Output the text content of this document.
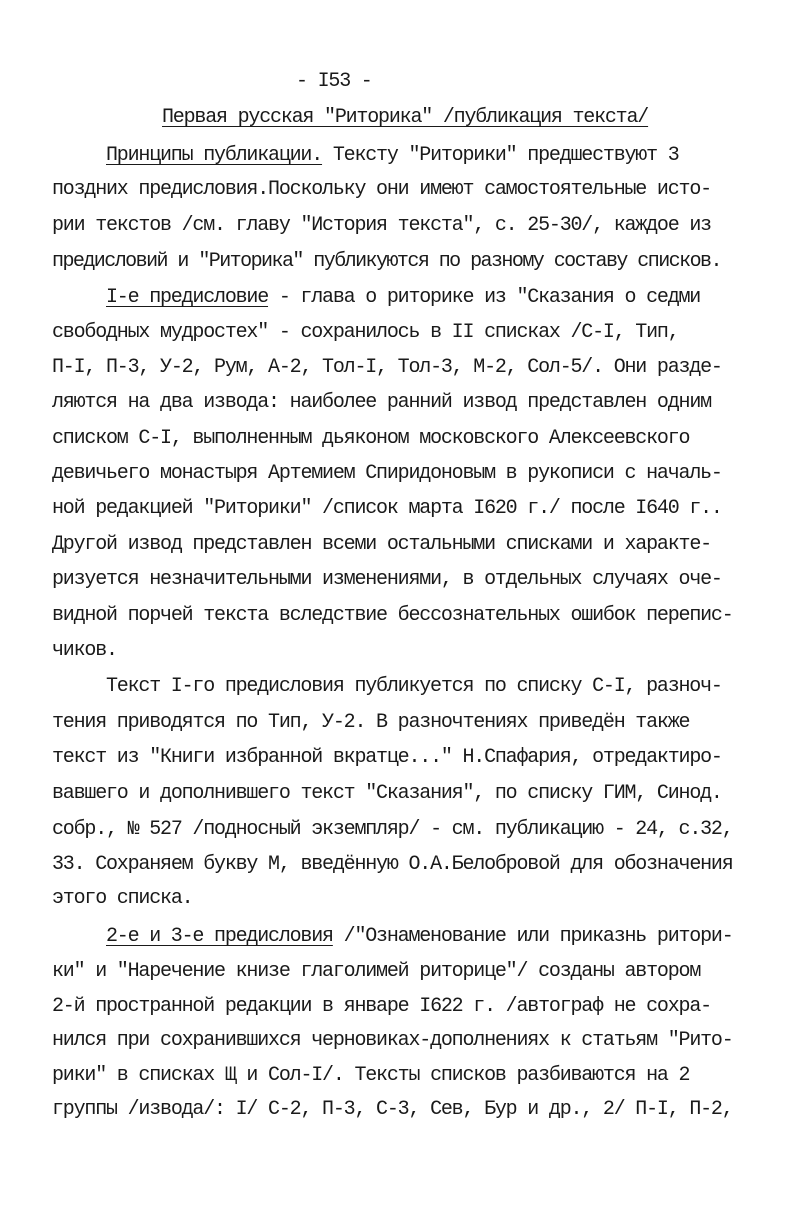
- I53 -
Первая русская "Риторика" /публикация текста/
Принципы публикации. Тексту "Риторики" предшествуют 3
поздних предисловия.Поскольку они имеют самостоятельные исто-
рии текстов /см. главу "История текста", с. 25-30/, каждое из
предисловий и "Риторика" публикуются по разному составу списков.
I-е предисловие - глава о риторике из "Сказания о седми
свободных мудростех" - сохранилось в II списках /С-I, Тип,
П-I, П-3, У-2, Рум, А-2, Тол-I, Тол-3, М-2, Сол-5/. Они разде-
ляются на два извода: наиболее ранний извод представлен одним
списком С-I, выполненным дьяконом московского Алексеевского
девичьего монастыря Артемием Спиридоновым в рукописи с началь-
ной редакцией "Риторики" /список марта I620 г./ после I640 г..
Другой извод представлен всеми остальными списками и характе-
ризуется незначительными изменениями, в отдельных случаях оче-
видной порчей текста вследствие бессознательных ошибок перепис-
чиков.
Текст I-го предисловия публикуется по списку С-I, разноч-
тения приводятся по Тип, У-2. В разночтениях приведён также
текст из "Книги избранной вкратце..." Н.Спафария, отредактиро-
вавшего и дополнившего текст "Сказания", по списку ГИМ, Синод.
собр., № 527 /подносный экземпляр/ - см. публикацию - 24, с.32,
33. Сохраняем букву М, введённую О.А.Белобровой для обозначения
этого списка.
2-е и 3-е предисловия /"Ознаменование или приказнь ритори-
ки" и "Наречение книзе глаголимей риторице"/ созданы автором
2-й пространной редакции в январе I622 г. /автограф не сохра-
нился при сохранившихся черновиках-дополнениях к статьям "Рито-
рики" в списках Щ и Сол-I/. Тексты списков разбиваются на 2
группы /извода/: I/ С-2, П-3, С-3, Сев, Бур и др., 2/ П-I, П-2,
